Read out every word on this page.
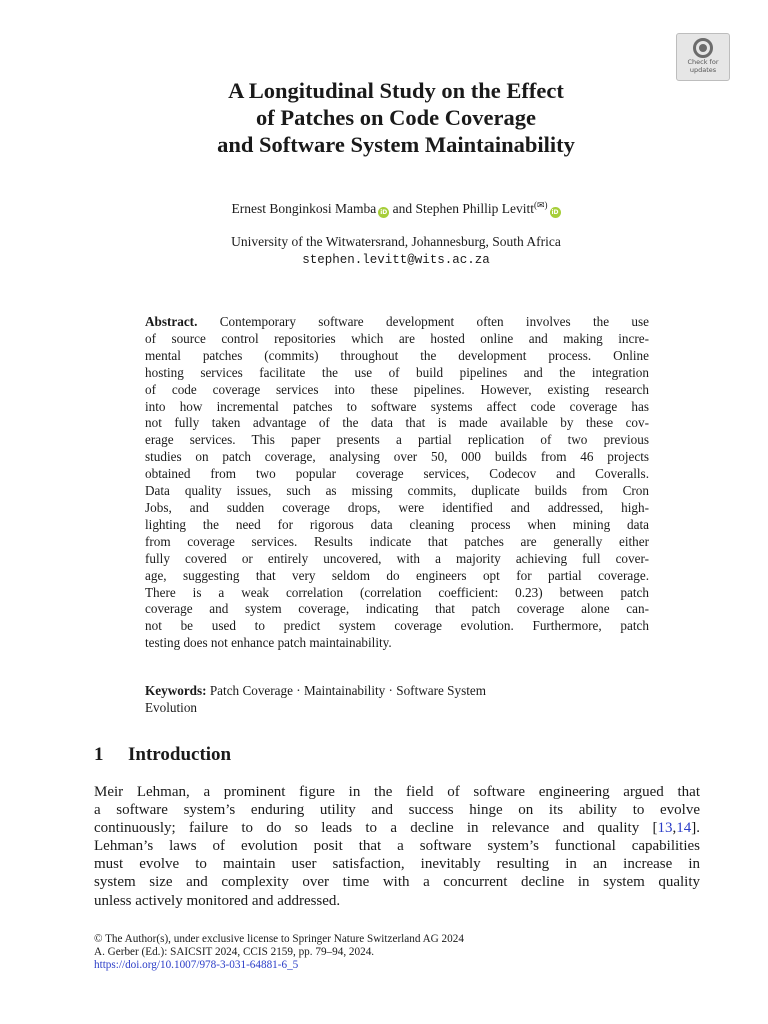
Check for
updates
A Longitudinal Study on the Effect
of Patches on Code Coverage
and Software System Maintainability
Ernest Bonginkosi Mamba iD and Stephen Phillip Levitt(✉)iD
University of the Witwatersrand, Johannesburg, South Africa
stephen.levitt@wits.ac.za
Abstract. Contemporary software development often involves the use
of source control repositories which are hosted online and making incre-
mental patches (commits) throughout the development process. Online
hosting services facilitate the use of build pipelines and the integration
of code coverage services into these pipelines. However, existing research
into how incremental patches to software systems affect code coverage has
not fully taken advantage of the data that is made available by these cov-
erage services. This paper presents a partial replication of two previous
studies on patch coverage, analysing over 50, 000 builds from 46 projects
obtained from two popular coverage services, Codecov and Coveralls.
Data quality issues, such as missing commits, duplicate builds from Cron
Jobs, and sudden coverage drops, were identified and addressed, high-
lighting the need for rigorous data cleaning process when mining data
from coverage services. Results indicate that patches are generally either
fully covered or entirely uncovered, with a majority achieving full cover-
age, suggesting that very seldom do engineers opt for partial coverage.
There is a weak correlation (correlation coefficient: 0.23) between patch
coverage and system coverage, indicating that patch coverage alone can-
not be used to predict system coverage evolution. Furthermore, patch
testing does not enhance patch maintainability.
Keywords: Patch Coverage · Maintainability · Software System
Evolution
1 Introduction
Meir Lehman, a prominent figure in the field of software engineering argued that
a software system’s enduring utility and success hinge on its ability to evolve
continuously; failure to do so leads to a decline in relevance and quality [13,14].
Lehman’s laws of evolution posit that a software system’s functional capabilities
must evolve to maintain user satisfaction, inevitably resulting in an increase in
system size and complexity over time with a concurrent decline in system quality
unless actively monitored and addressed.
© The Author(s), under exclusive license to Springer Nature Switzerland AG 2024
A. Gerber (Ed.): SAICSIT 2024, CCIS 2159, pp. 79–94, 2024.
https://doi.org/10.1007/978-3-031-64881-6_5
